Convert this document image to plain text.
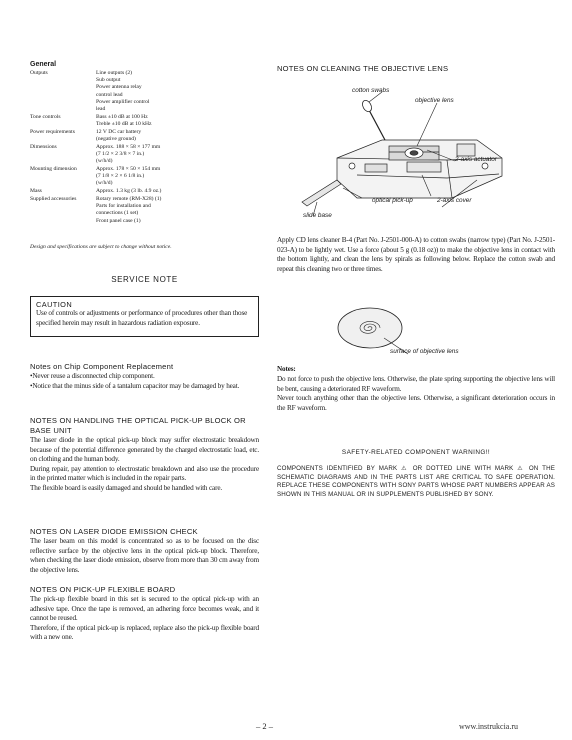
General
Outputs	Line outputs (2)
Sub output
Power antenna relay
control lead
Power amplifier control
lead
Tone controls	Bass ±10 dB at 100 Hz
Treble ±10 dB at 10 kHz
Power requirements	12 V DC car battery
(negative ground)
Dimensions	Approx. 188 × 58 × 177 mm
(7 1/2 × 2 3/8 × 7 in.)
(w/h/d)
Mounting dimension	Approx. 178 × 50 × 154 mm
(7 1/8 × 2 × 6 1/8 in.)
(w/h/d)
Mass	Approx. 1.3 kg (3 lb. 4.9 oz.)
Supplied accessories	Rotary remote (RM-X28) (1)
Parts for installation and
connections (1 set)
Front panel case (1)
Design and specifications are subject to change without notice.
SERVICE NOTE
CAUTION
Use of controls or adjustments or performance of procedures other than those specified herein may result in hazardous radiation exposure.
Notes on Chip Component Replacement

•Never reuse a disconnected chip component.

•Notice that the minus side of a tantalum capacitor may be damaged by heat.

NOTES ON HANDLING THE OPTICAL PICK-UP BLOCK OR BASE UNIT

The laser diode in the optical pick-up block may suffer electrostatic breakdown because of the potential difference generated by the charged electrostatic load, etc. on clothing and the human body.

During repair, pay attention to electrostatic breakdown and also use the procedure in the printed matter which is included in the repair parts.

The flexible board is easily damaged and should be handled with care.

NOTES ON LASER DIODE EMISSION CHECK
The laser beam on this model is concentrated so as to be focused on the disc reflective surface by the objective lens in the optical pick-up block. Therefore, when checking the laser diode emission, observe from more than 30 cm away from the objective lens.
NOTES ON PICK-UP FLEXIBLE BOARD

The pick-up flexible board in this set is secured to the optical pick-up with an adhesive tape. Once the tape is removed, an adhering force becomes weak, and it cannot be reused.

Therefore, if the optical pick-up is replaced, replace also the pick-up flexible board with a new one.

NOTES ON CLEANING THE OBJECTIVE LENS
cotton swabs
objective lens
2-axis actuator
optical pick-up	2-axis cover
slide base
Apply CD lens cleaner B-4 (Part No. J-2501-000-A) to cotton swabs (narrow type) (Part No. J-2501-023-A) to be lightly wet. Use a force (about 5 g (0.18 oz)) to make the objective lens in contact with the bottom lightly, and clean the lens by spirals as following below. Replace the cotton swab and repeat this cleaning two or three times.
surface of objective lens
Notes:

Do not force to push the objective lens. Otherwise, the plate spring supporting the objective lens will be bent, causing a deteriorated RF waveform.

Never touch anything other than the objective lens. Otherwise, a significant deterioration occurs in the RF waveform.

SAFETY-RELATED COMPONENT WARNING!!
COMPONENTS IDENTIFIED BY MARK ⚠ OR DOTTED LINE WITH MARK ⚠ ON THE SCHEMATIC DIAGRAMS AND IN THE PARTS LIST ARE CRITICAL TO SAFE OPERATION. REPLACE THESE COMPONENTS WITH SONY PARTS WHOSE PART NUMBERS APPEAR AS SHOWN IN THIS MANUAL OR IN SUPPLEMENTS PUBLISHED BY SONY.
– 2 –	www.instrukcia.ru
